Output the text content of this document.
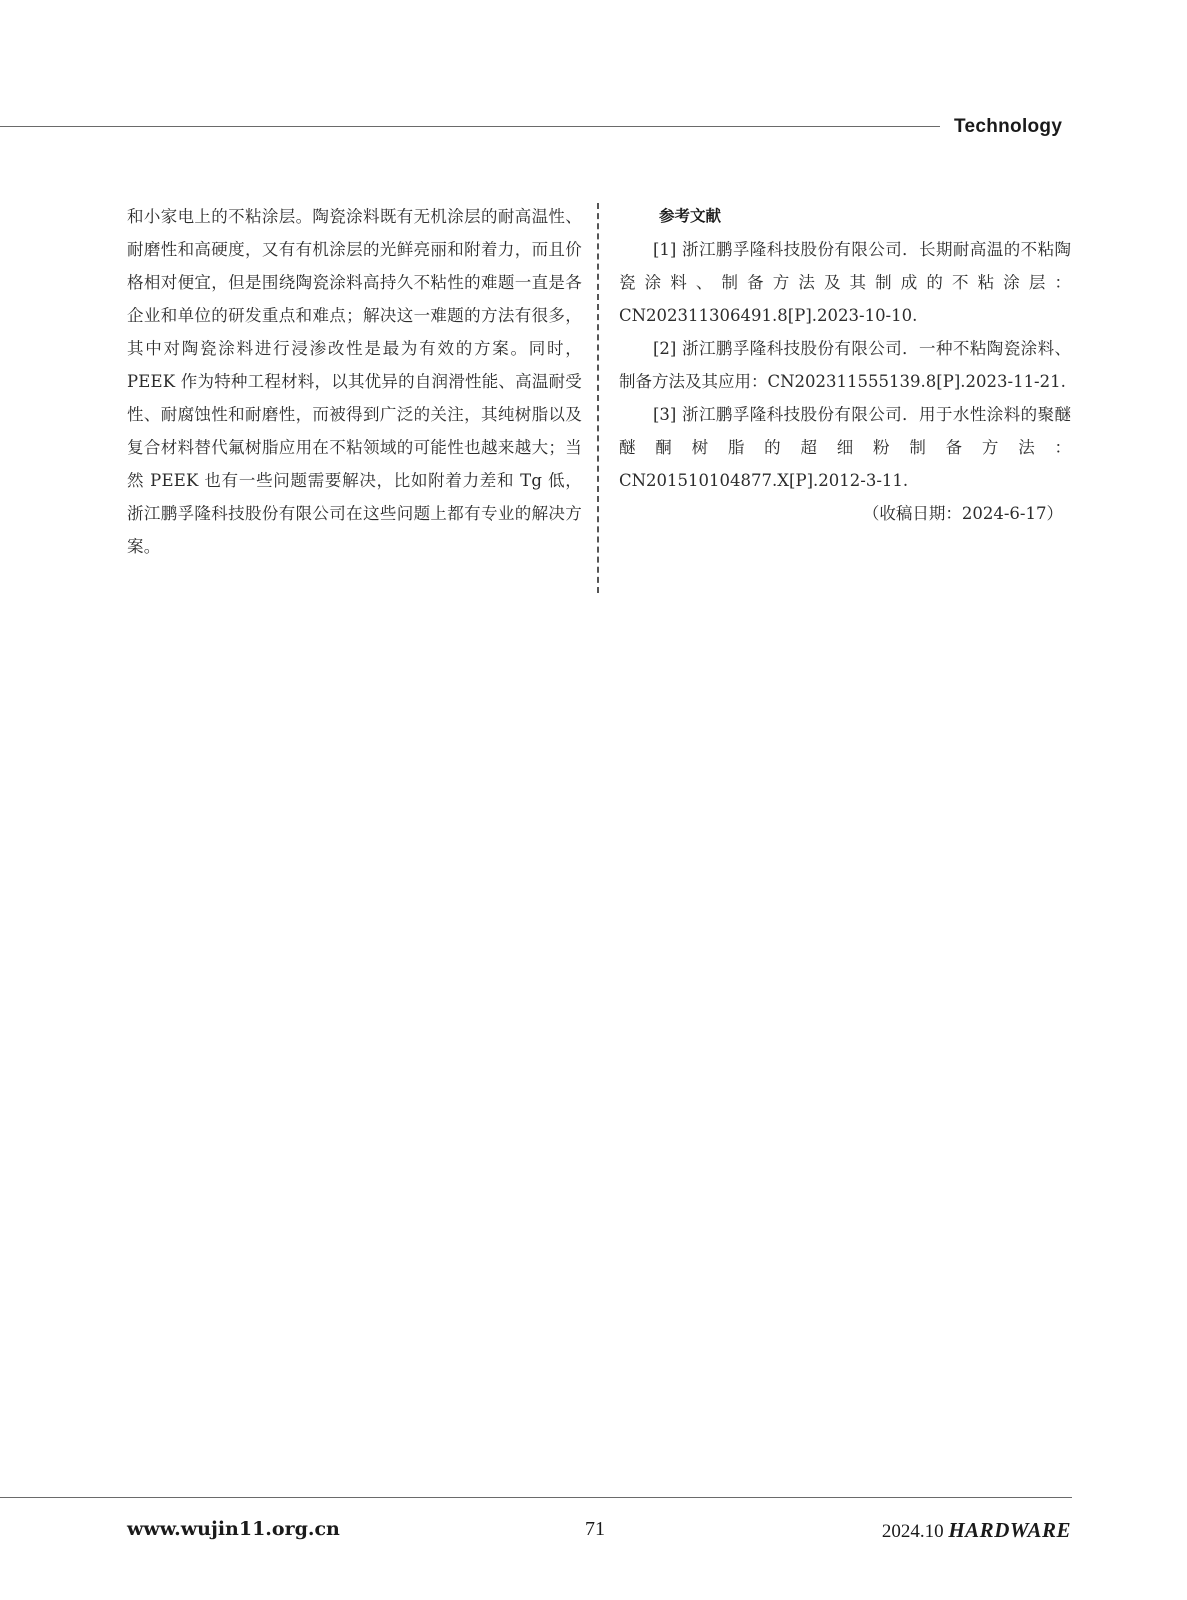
Technology
和小家电上的不粘涂层。陶瓷涂料既有无机涂层的耐高温性、耐磨性和高硬度，又有有机涂层的光鲜亮丽和附着力，而且价格相对便宜，但是围绕陶瓷涂料高持久不粘性的难题一直是各企业和单位的研发重点和难点；解决这一难题的方法有很多，其中对陶瓷涂料进行浸渗改性是最为有效的方案。同时，PEEK 作为特种工程材料，以其优异的自润滑性能、高温耐受性、耐腐蚀性和耐磨性，而被得到广泛的关注，其纯树脂以及复合材料替代氟树脂应用在不粘领域的可能性也越来越大；当然 PEEK 也有一些问题需要解决，比如附着力差和 Tg 低，浙江鹏孚隆科技股份有限公司在这些问题上都有专业的解决方案。
参考文献

[1] 浙江鹏孚隆科技股份有限公司．长期耐高温的不粘陶瓷涂料、制备方法及其制成的不粘涂层：CN202311306491.8[P].2023-10-10.

[2] 浙江鹏孚隆科技股份有限公司．一种不粘陶瓷涂料、制备方法及其应用：CN202311555139.8[P].2023-11-21.

[3] 浙江鹏孚隆科技股份有限公司．用于水性涂料的聚醚醚酮树脂的超细粉制备方法：CN201510104877.X[P].2012-3-11.

（收稿日期：2024-6-17）

www.wujin11.org.cn	71	2024.10 HARDWARE
